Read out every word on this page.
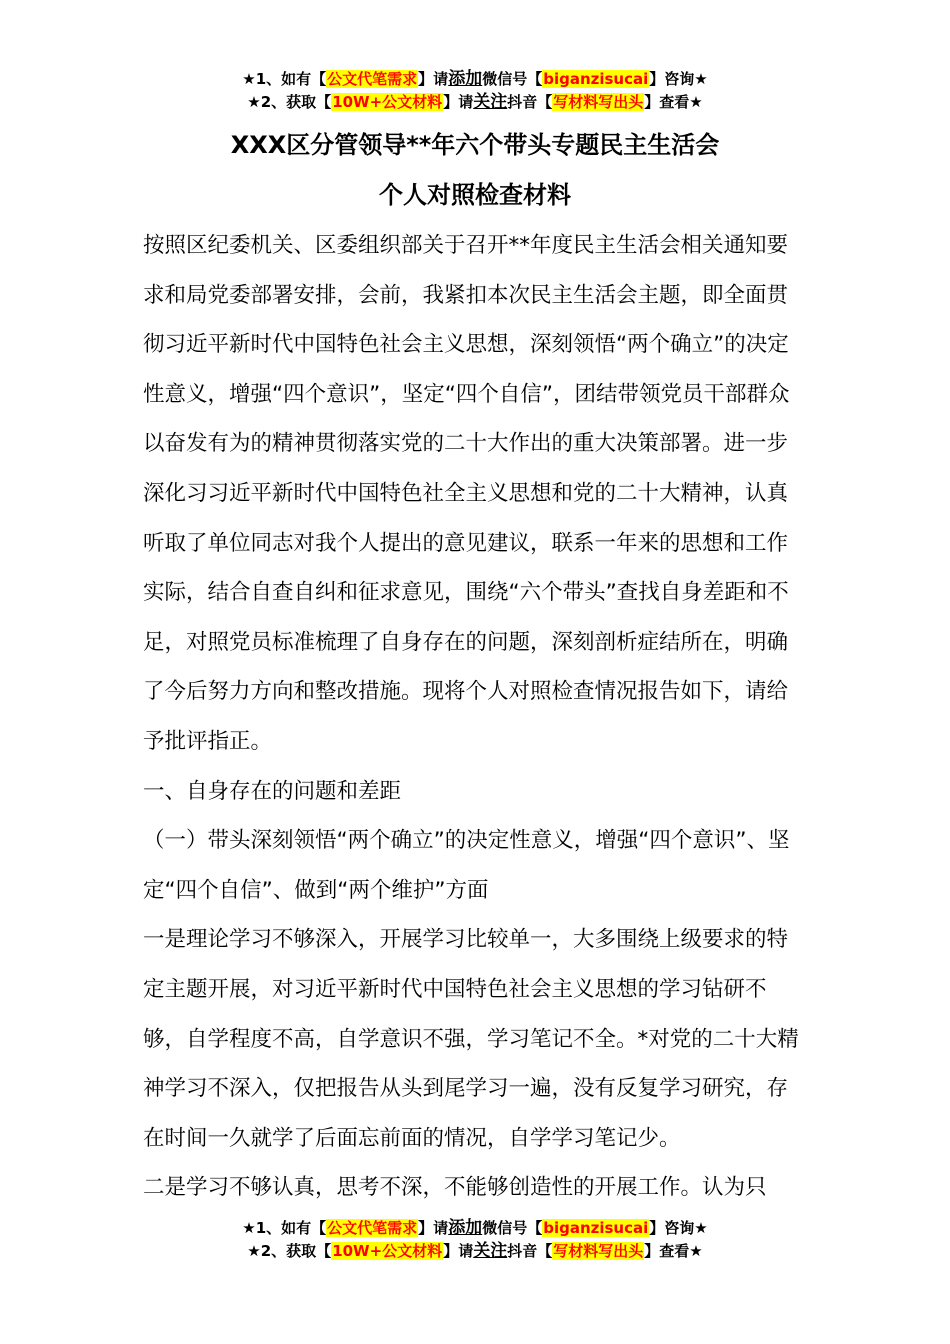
★1、如有【公文代笔需求】请添加微信号【biganzisucai】咨询★
★2、获取【10W+公文材料】请关注抖音【写材料写出头】查看★
XXX区分管领导**年六个带头专题民主生活会
个人对照检查材料

按照区纪委机关、区委组织部关于召开**年度民主生活会相关通知要求和局党委部署安排，会前，我紧扣本次民主生活会主题，即全面贯彻习近平新时代中国特色社会主义思想，深刻领悟“两个确立”的决定性意义，增强“四个意识”，坚定“四个自信”，团结带领党员干部群众以奋发有为的精神贯彻落实党的二十大作出的重大决策部署。进一步深化习习近平新时代中国特色社全主义思想和党的二十大精神，认真听取了单位同志对我个人提出的意见建议，联系一年来的思想和工作实际，结合自查自纠和征求意见，围绕“六个带头”查找自身差距和不足，对照党员标准梳理了自身存在的问题，深刻剖析症结所在，明确了今后努力方向和整改措施。现将个人对照检查情况报告如下，请给予批评指正。

一、自身存在的问题和差距

（一）带头深刻领悟“两个确立”的决定性意义，增强“四个意识”、坚定“四个自信”、做到“两个维护”方面

一是理论学习不够深入，开展学习比较单一，大多围绕上级要求的特定主题开展，对习近平新时代中国特色社会主义思想的学习钻研不够，自学程度不高，自学意识不强，学习笔记不全。*对党的二十大精神学习不深入，仅把报告从头到尾学习一遍，没有反复学习研究，存在时间一久就学了后面忘前面的情况，自学学习笔记少。

二是学习不够认真，思考不深，不能够创造性的开展工作。认为只

★1、如有【公文代笔需求】请添加微信号【biganzisucai】咨询★
★2、获取【10W+公文材料】请关注抖音【写材料写出头】查看★
